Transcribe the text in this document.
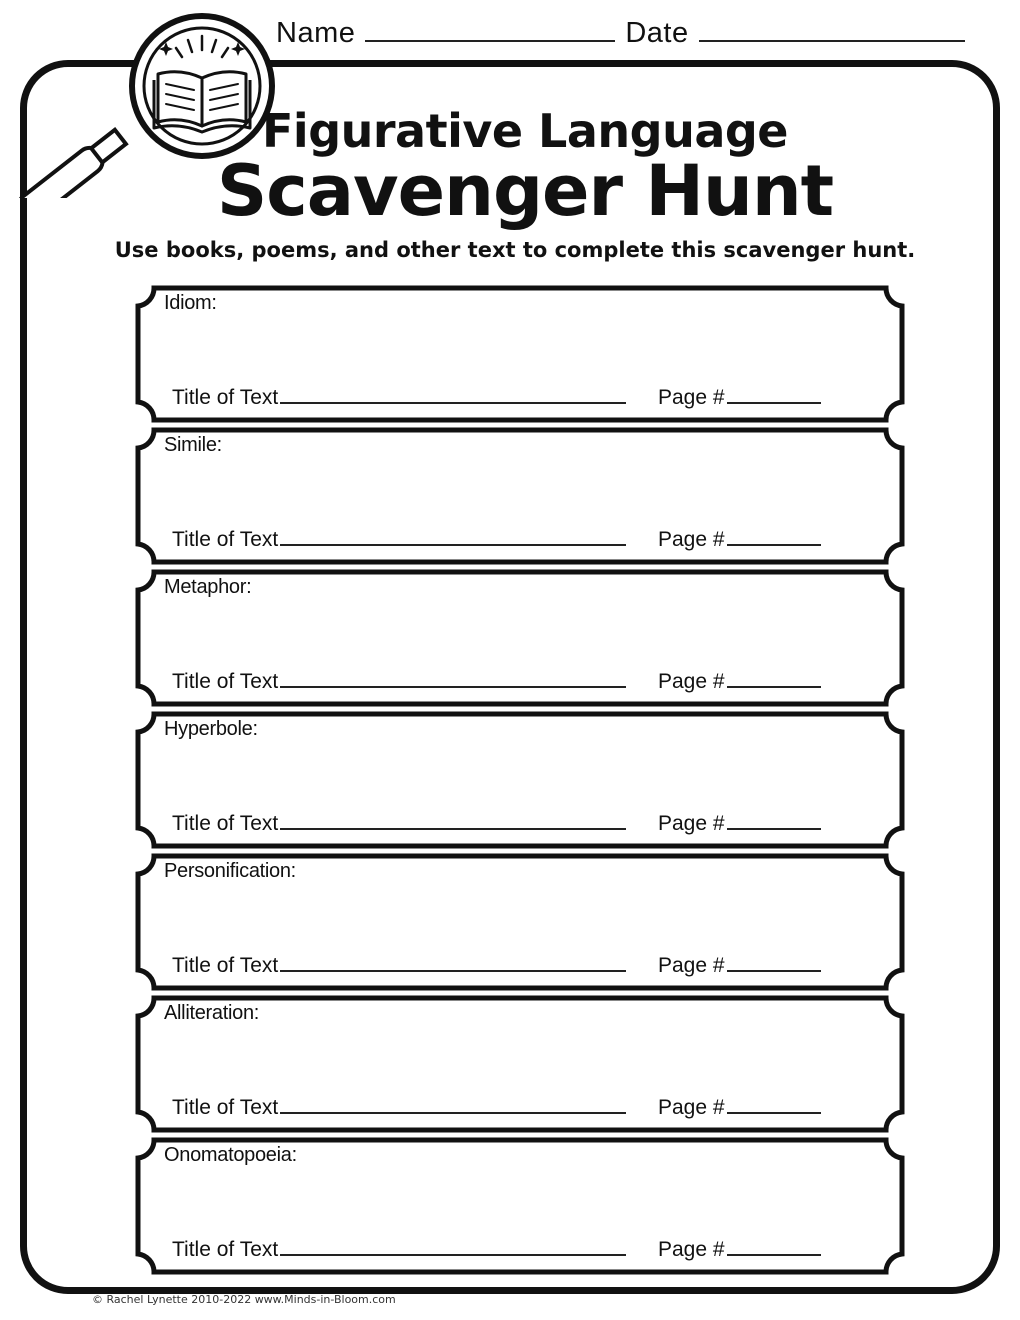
Name	Date
Figurative Language
Scavenger Hunt
Use books, poems, and other text to complete this scavenger hunt.
Idiom:
Title of Text	Page #
Simile:
Title of Text	Page #
Metaphor:
Title of Text	Page #
Hyperbole:
Title of Text	Page #
Personification:
Title of Text	Page #
Alliteration:
Title of Text	Page #
Onomatopoeia:
Title of Text	Page #
© Rachel Lynette 2010-2022 www.Minds-in-Bloom.com
